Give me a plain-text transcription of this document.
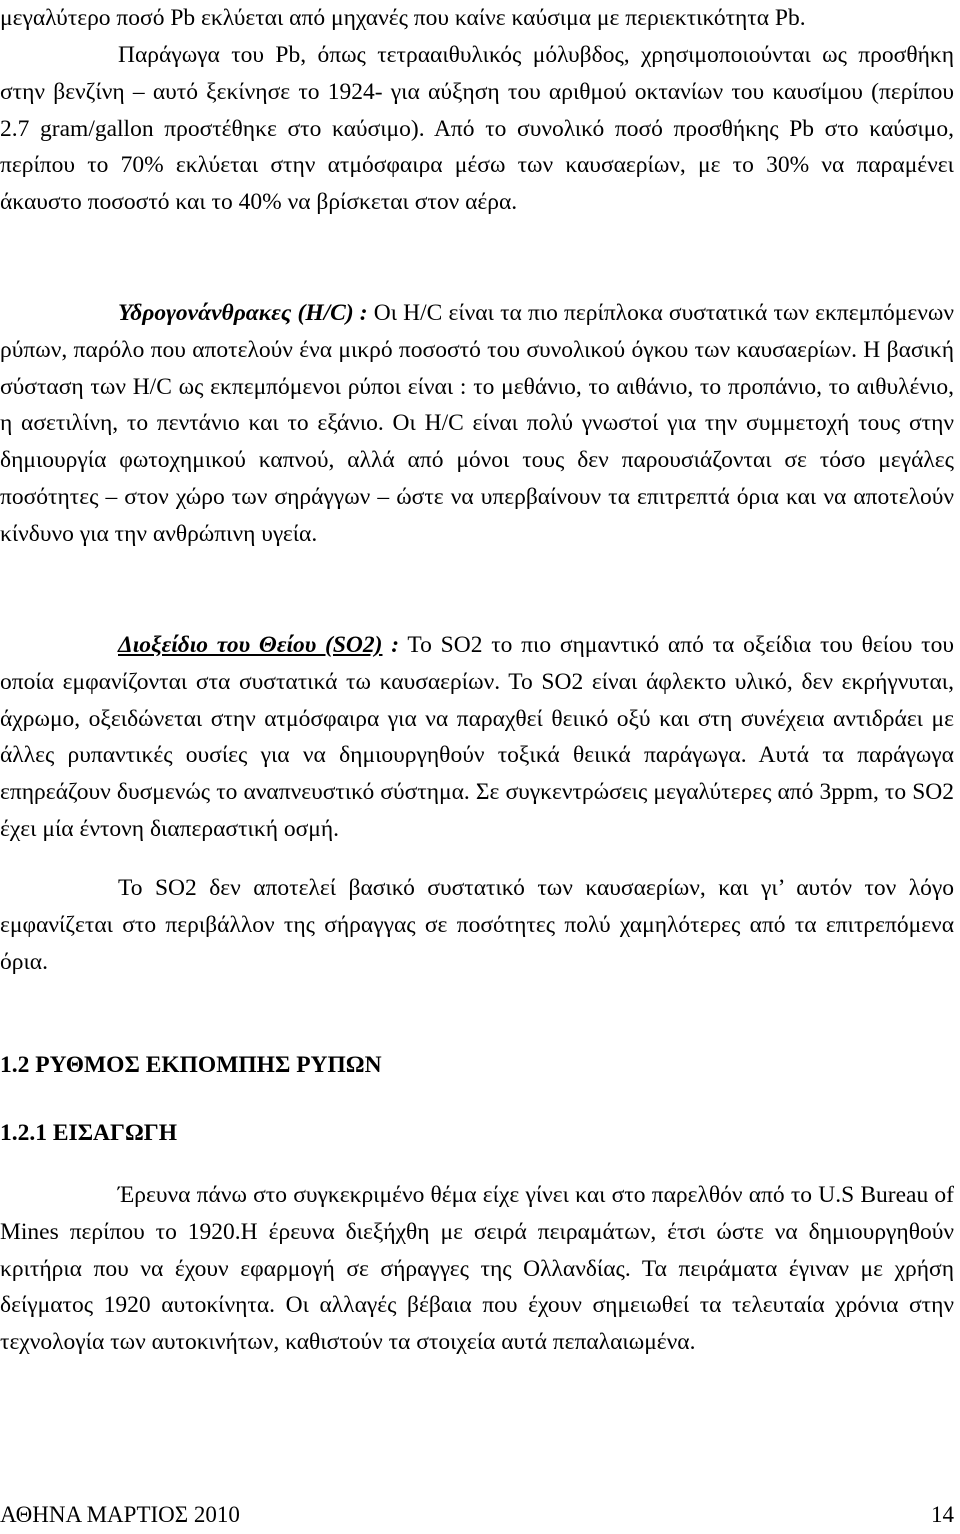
μεγαλύτερο ποσό Pb εκλύεται από μηχανές που καίνε καύσιμα με περιεκτικότητα Pb.

Παράγωγα του Pb, όπως τετρααιθυλικός μόλυβδος, χρησιμοποιούνται ως προσθήκη στην βενζίνη – αυτό ξεκίνησε το 1924- για αύξηση του αριθμού οκτανίων του καυσίμου (περίπου 2.7 gram/gallon προστέθηκε στο καύσιμο). Από το συνολικό ποσό προσθήκης Pb στο καύσιμο, περίπου το 70% εκλύεται στην ατμόσφαιρα μέσω των καυσαερίων, με το 30% να παραμένει άκαυστο ποσοστό και το 40% να βρίσκεται στον αέρα.

Υδρογονάνθρακες (Η/C) : Οι Η/C είναι τα πιο περίπλοκα συστατικά των εκπεμπόμενων ρύπων, παρόλο που αποτελούν ένα μικρό ποσοστό του συνολικού όγκου των καυσαερίων. Η βασική σύσταση των Η/C ως εκπεμπόμενοι ρύποι είναι : το μεθάνιο, το αιθάνιο, το προπάνιο, το αιθυλένιο, η ασετιλίνη, το πεντάνιο και το εξάνιο. Οι Η/C είναι πολύ γνωστοί για την συμμετοχή τους στην δημιουργία φωτοχημικού καπνού, αλλά από μόνοι τους δεν παρουσιάζονται σε τόσο μεγάλες ποσότητες – στον χώρο των σηράγγων – ώστε να υπερβαίνουν τα επιτρεπτά όρια και να αποτελούν κίνδυνο για την ανθρώπινη υγεία.

Διοξείδιο του Θείου (SO2) : Το SO2 το πιο σημαντικό από τα οξείδια του θείου του οποία εμφανίζονται στα συστατικά τω καυσαερίων. Το SO2 είναι άφλεκτο υλικό, δεν εκρήγνυται, άχρωμο, οξειδώνεται στην ατμόσφαιρα για να παραχθεί θειικό οξύ και στη συνέχεια αντιδράει με άλλες ρυπαντικές ουσίες για να δημιουργηθούν τοξικά θειικά παράγωγα. Αυτά τα παράγωγα επηρεάζουν δυσμενώς το αναπνευστικό σύστημα. Σε συγκεντρώσεις μεγαλύτερες από 3ppm, το SO2 έχει μία έντονη διαπεραστική οσμή.

Το SO2 δεν αποτελεί βασικό συστατικό των καυσαερίων, και γι’ αυτόν τον λόγο εμφανίζεται στο περιβάλλον της σήραγγας σε ποσότητες πολύ χαμηλότερες από τα επιτρεπόμενα όρια.

1.2 ΡΥΘΜΟΣ ΕΚΠΟΜΠΗΣ ΡΥΠΩΝ
1.2.1 ΕΙΣΑΓΩΓΗ

Έρευνα πάνω στο συγκεκριμένο θέμα είχε γίνει και στο παρελθόν από το U.S Bureau of Mines περίπου το 1920.Η έρευνα διεξήχθη με σειρά πειραμάτων, έτσι ώστε να δημιουργηθούν κριτήρια που να έχουν εφαρμογή σε σήραγγες της Ολλανδίας. Τα πειράματα έγιναν με χρήση δείγματος 1920 αυτοκίνητα. Οι αλλαγές βέβαια που έχουν σημειωθεί τα τελευταία χρόνια στην τεχνολογία των αυτοκινήτων, καθιστούν τα στοιχεία αυτά πεπαλαιωμένα.

ΑΘΗΝΑ ΜΑΡΤΙΟΣ 2010	14
